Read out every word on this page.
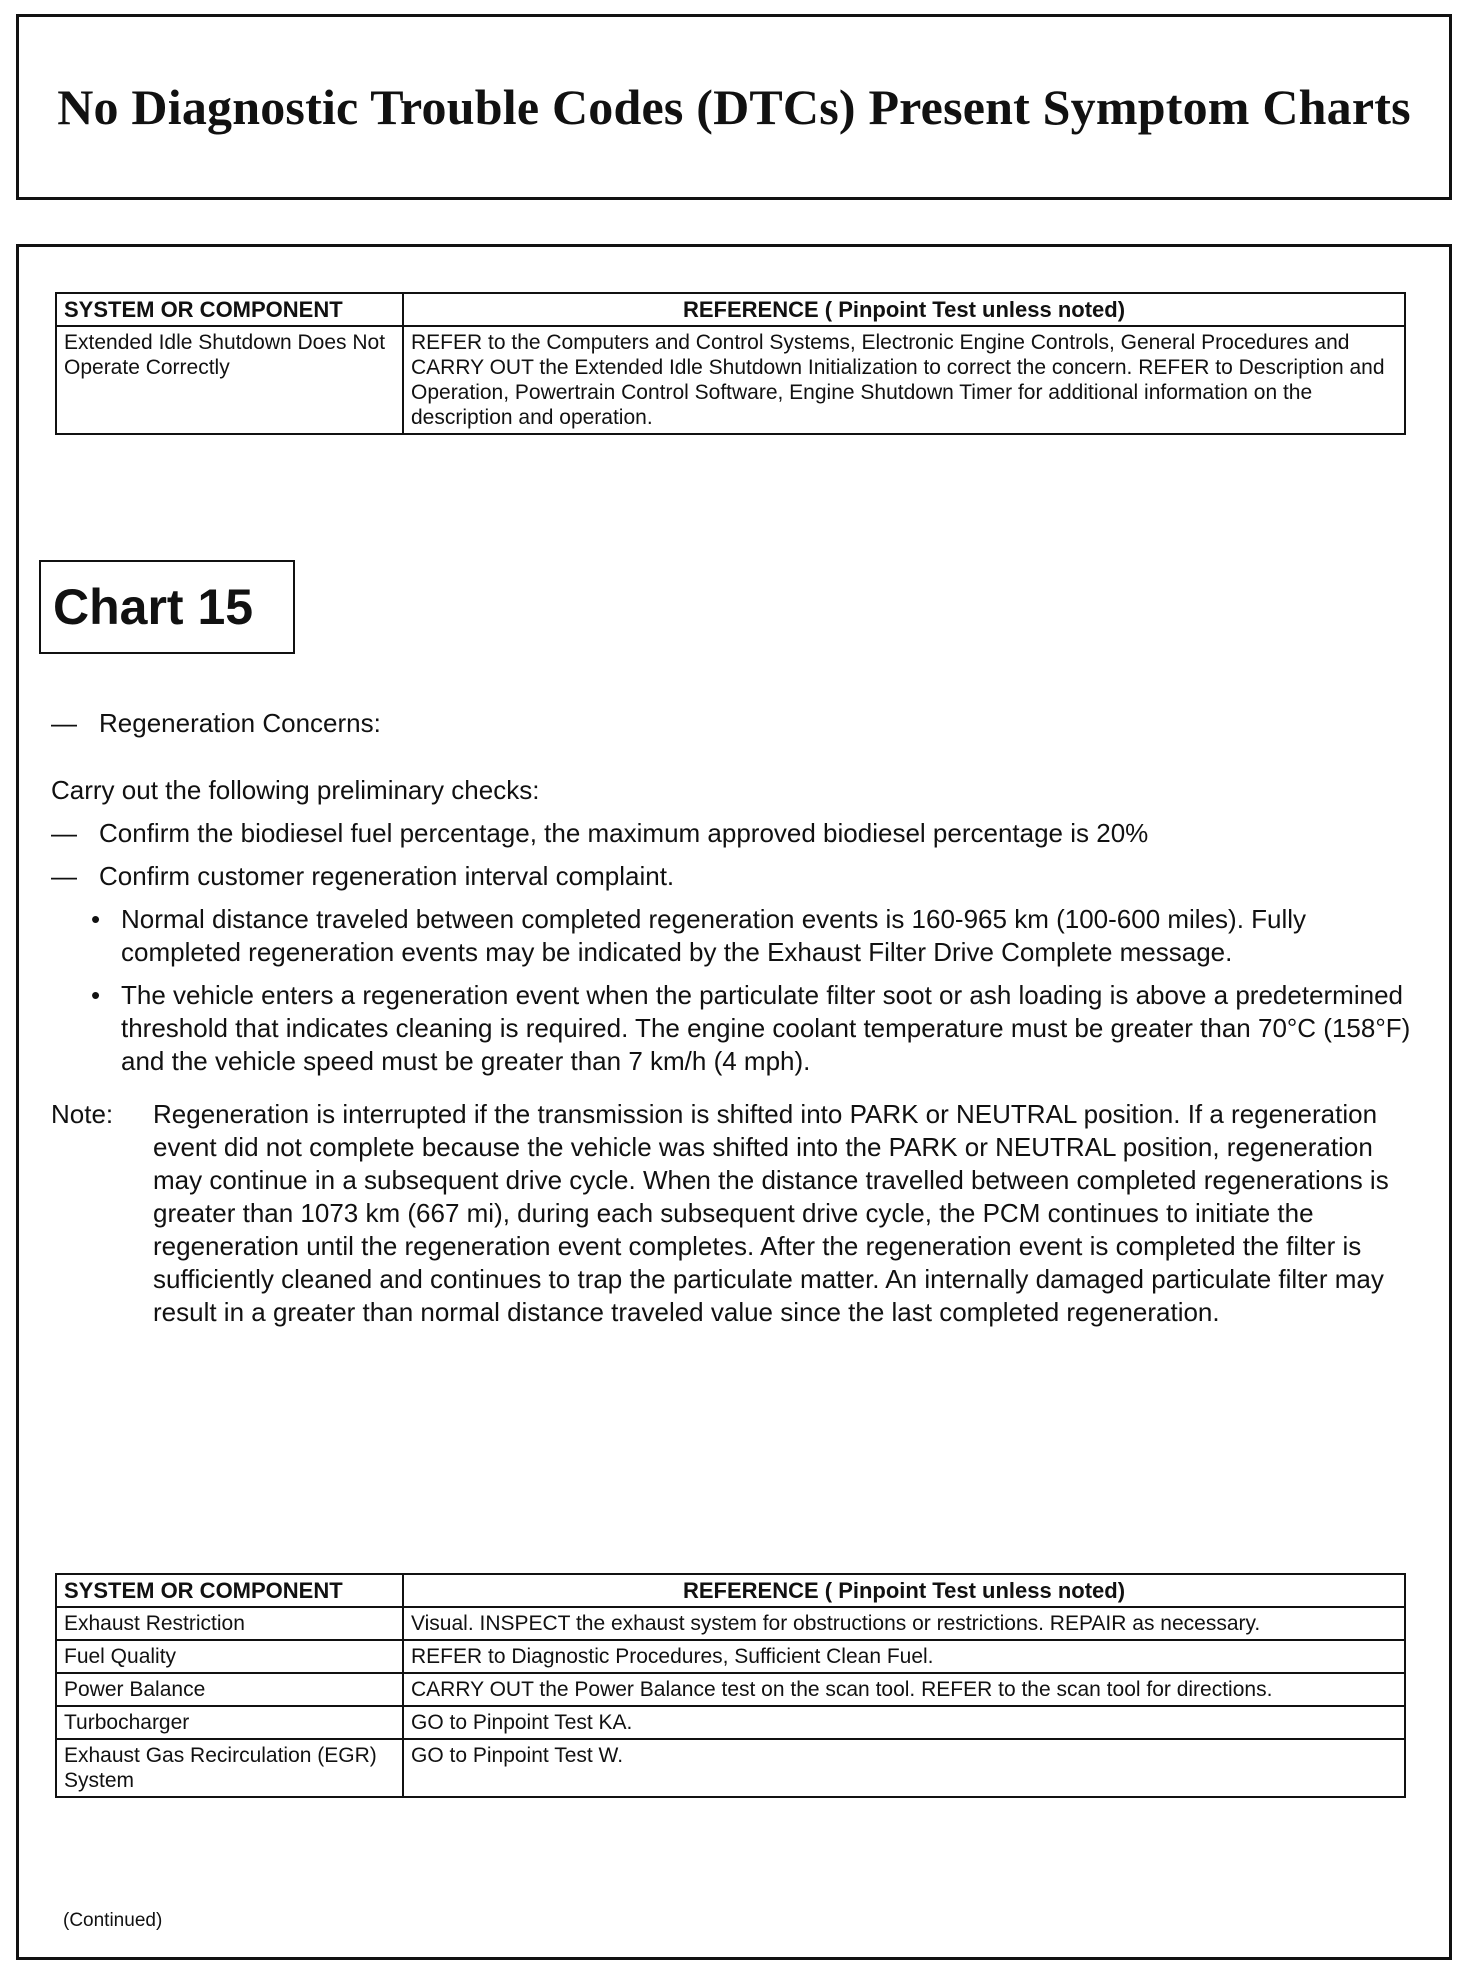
No Diagnostic Trouble Codes (DTCs) Present Symptom Charts
SYSTEM OR COMPONENT	REFERENCE ( Pinpoint Test unless noted)
Extended Idle Shutdown Does Not Operate Correctly	REFER to the Computers and Control Systems, Electronic Engine Controls, General Procedures and CARRY OUT the Extended Idle Shutdown Initialization to correct the concern. REFER to Description and Operation, Powertrain Control Software, Engine Shutdown Timer for additional information on the description and operation.
Chart 15
— Regeneration Concerns:

Carry out the following preliminary checks:

— Confirm the biodiesel fuel percentage, the maximum approved biodiesel percentage is 20%
— Confirm customer regeneration interval complaint.
• Normal distance traveled between completed regeneration events is 160-965 km (100-600 miles). Fully completed regeneration events may be indicated by the Exhaust Filter Drive Complete message.
• The vehicle enters a regeneration event when the particulate filter soot or ash loading is above a predetermined threshold that indicates cleaning is required. The engine coolant temperature must be greater than 70°C (158°F) and the vehicle speed must be greater than 7 km/h (4 mph).
Note:	Regeneration is interrupted if the transmission is shifted into PARK or NEUTRAL position. If a regeneration event did not complete because the vehicle was shifted into the PARK or NEUTRAL position, regeneration may continue in a subsequent drive cycle. When the distance travelled between completed regenerations is greater than 1073 km (667 mi), during each subsequent drive cycle, the PCM continues to initiate the regeneration until the regeneration event completes. After the regeneration event is completed the filter is sufficiently cleaned and continues to trap the particulate matter. An internally damaged particulate filter may result in a greater than normal distance traveled value since the last completed regeneration.
SYSTEM OR COMPONENT	REFERENCE ( Pinpoint Test unless noted)
Exhaust Restriction	Visual. INSPECT the exhaust system for obstructions or restrictions. REPAIR as necessary.
Fuel Quality	REFER to Diagnostic Procedures, Sufficient Clean Fuel.
Power Balance	CARRY OUT the Power Balance test on the scan tool. REFER to the scan tool for directions.
Turbocharger	GO to Pinpoint Test KA.
Exhaust Gas Recirculation (EGR) System	GO to Pinpoint Test W.
(Continued)
